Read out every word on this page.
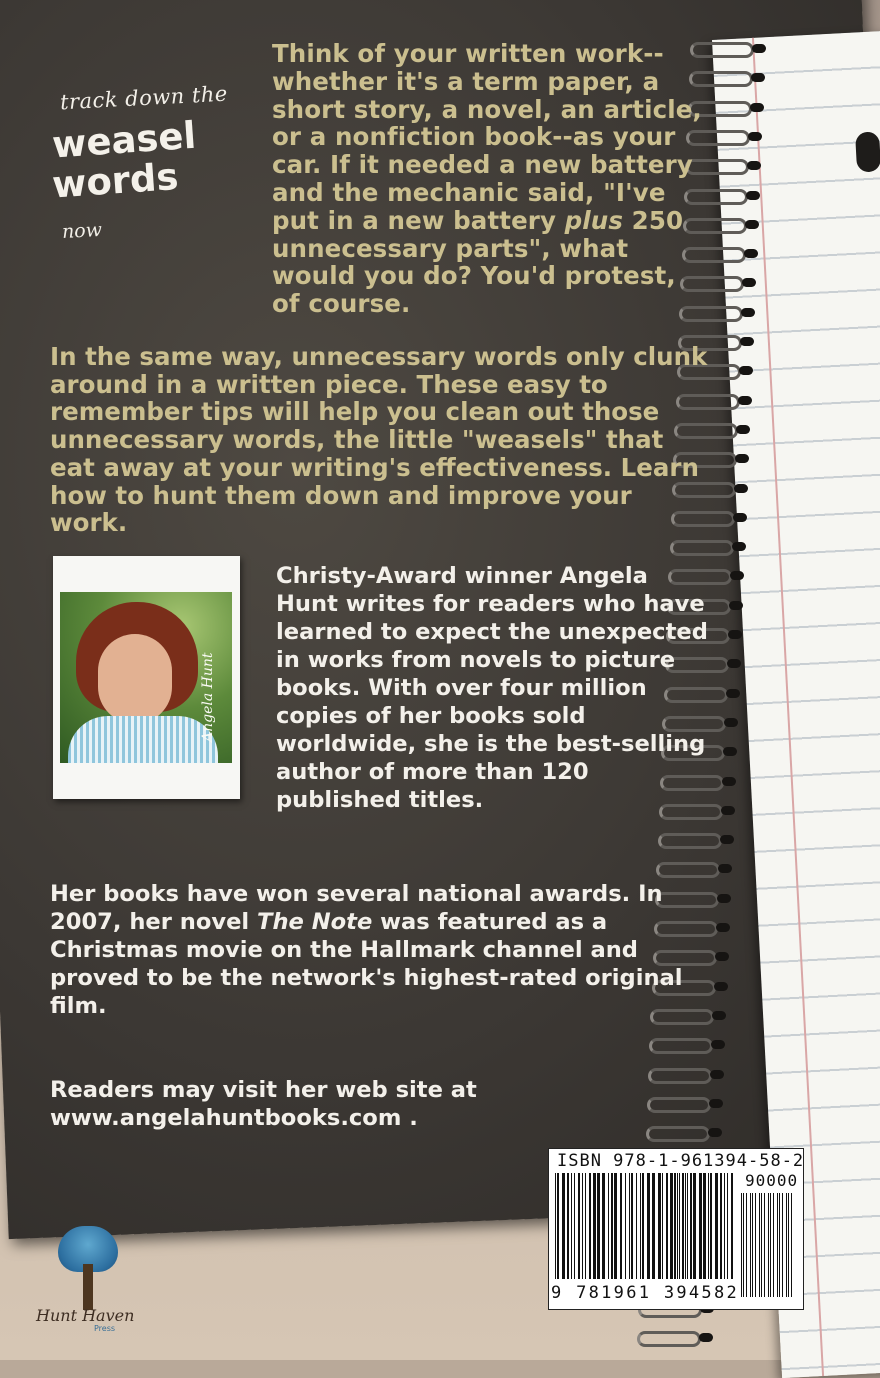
track down the
weasel
words
now
Think of your written work--whether it's a term paper, a short story, a novel, an article, or a nonfiction book--as your car. If it needed a new battery and the mechanic said, "I've put in a new battery plus 250 unnecessary parts", what would you do? You'd protest, of course.
In the same way, unnecessary words only clunk around in a written piece. These easy to remember tips will help you clean out those unnecessary words, the little "weasels" that eat away at your writing's effectiveness. Learn how to hunt them down and improve your work.
Angela Hunt
Christy-Award winner Angela Hunt writes for readers who have learned to expect the unexpected in works from novels to picture books. With over four million copies of her books sold worldwide, she is the best-selling author of more than 120 published titles.
Her books have won several national awards. In 2007, her novel The Note was featured as a Christmas movie on the Hallmark channel and proved to be the network's highest-rated original film.
Readers may visit her web site at
www.angelahuntbooks.com .
ISBN 978-1-961394-58-2
90000
9 781961 394582
Hunt Haven
Press
